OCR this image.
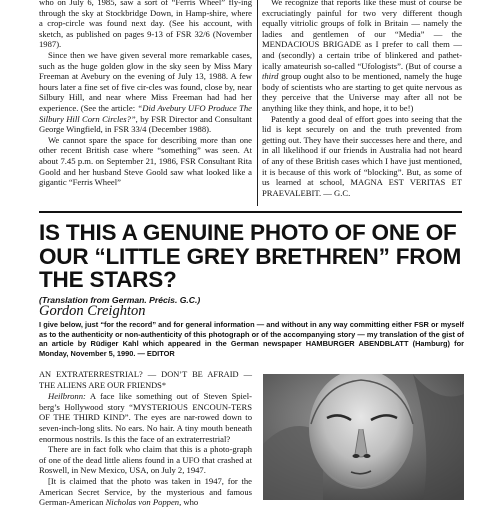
who on July 6, 1985, saw a sort of “Ferris Wheel” fly-ing through the sky at Stockbridge Down, in Hamp-shire, where a crop-circle was found next day. (See his account, with sketch, as published on pages 9-13 of FSR 32/6 (November 1987).

Since then we have given several more remarkable cases, such as the huge golden glow in the sky seen by Miss Mary Freeman at Avebury on the evening of July 13, 1988. A few hours later a fine set of five cir-cles was found, close by, near Silbury Hill, and near where Miss Freeman had had her experience. (See the article: “Did Avebury UFO Produce The Silbury Hill Corn Circles?”, by FSR Director and Consultant George Wingfield, in FSR 33/4 (December 1988).

We cannot spare the space for describing more than one other recent British case where “something” was seen. At about 7.45 p.m. on September 21, 1986, FSR Consultant Rita Goold and her husband Steve Goold saw what looked like a gigantic “Ferris Wheel”

We recognize that reports like these must of course be excruciatingly painful for two very different though equally vitriolic groups of folk in Britain — namely the ladies and gentlemen of our “Media” — the MENDACIOUS BRIGADE as I prefer to call them — and (secondly) a certain tribe of blinkered and pathet-ically amateurish so-called “Ufologists”. (But of course a third group ought also to be mentioned, namely the huge body of scientists who are starting to get quite nervous as they perceive that the Universe may after all not be anything like they think, and hope, it to be!)

Patently a good deal of effort goes into seeing that the lid is kept securely on and the truth prevented from getting out. They have their successes here and there, and in all likelihood if our friends in Australia had not heard of any of these British cases which I have just mentioned, it is because of this work of “blocking”. But, as some of us learned at school, MAGNA EST VERITAS ET PRAEVALEBIT. — G.C.

IS THIS A GENUINE PHOTO OF ONE OF OUR “LITTLE GREY BRETHREN” FROM THE STARS?
(Translation from German. Précis. G.C.)
Gordon Creighton

I give below, just “for the record” and for general information — and without in any way committing either FSR or myself as to the authenticity or non-authenticity of this photograph or of the accompanying story — my translation of the gist of an article by Rüdiger Kahl which appeared in the German newspaper HAMBURGER ABENDBLATT (Hamburg) for Monday, November 5, 1990. — EDITOR

AN EXTRATERRESTRIAL? — DON’T BE AFRAID — THE ALIENS ARE OUR FRIENDS*

Heilbronn: A face like something out of Steven Spiel-berg’s Hollywood story “MYSTERIOUS ENCOUN-TERS OF THE THIRD KIND”. The eyes are nar-rowed down to seven-inch-long slits. No ears. No hair. A tiny mouth beneath enormous nostrils. Is this the face of an extraterrestrial?

There are in fact folk who claim that this is a photo-graph of one of the dead little aliens found in a UFO that crashed at Roswell, in New Mexico, USA, on July 2, 1947.

[It is claimed that the photo was taken in 1947, for the American Secret Service, by the mysterious and famous German-American Nicholas von Poppen, who
